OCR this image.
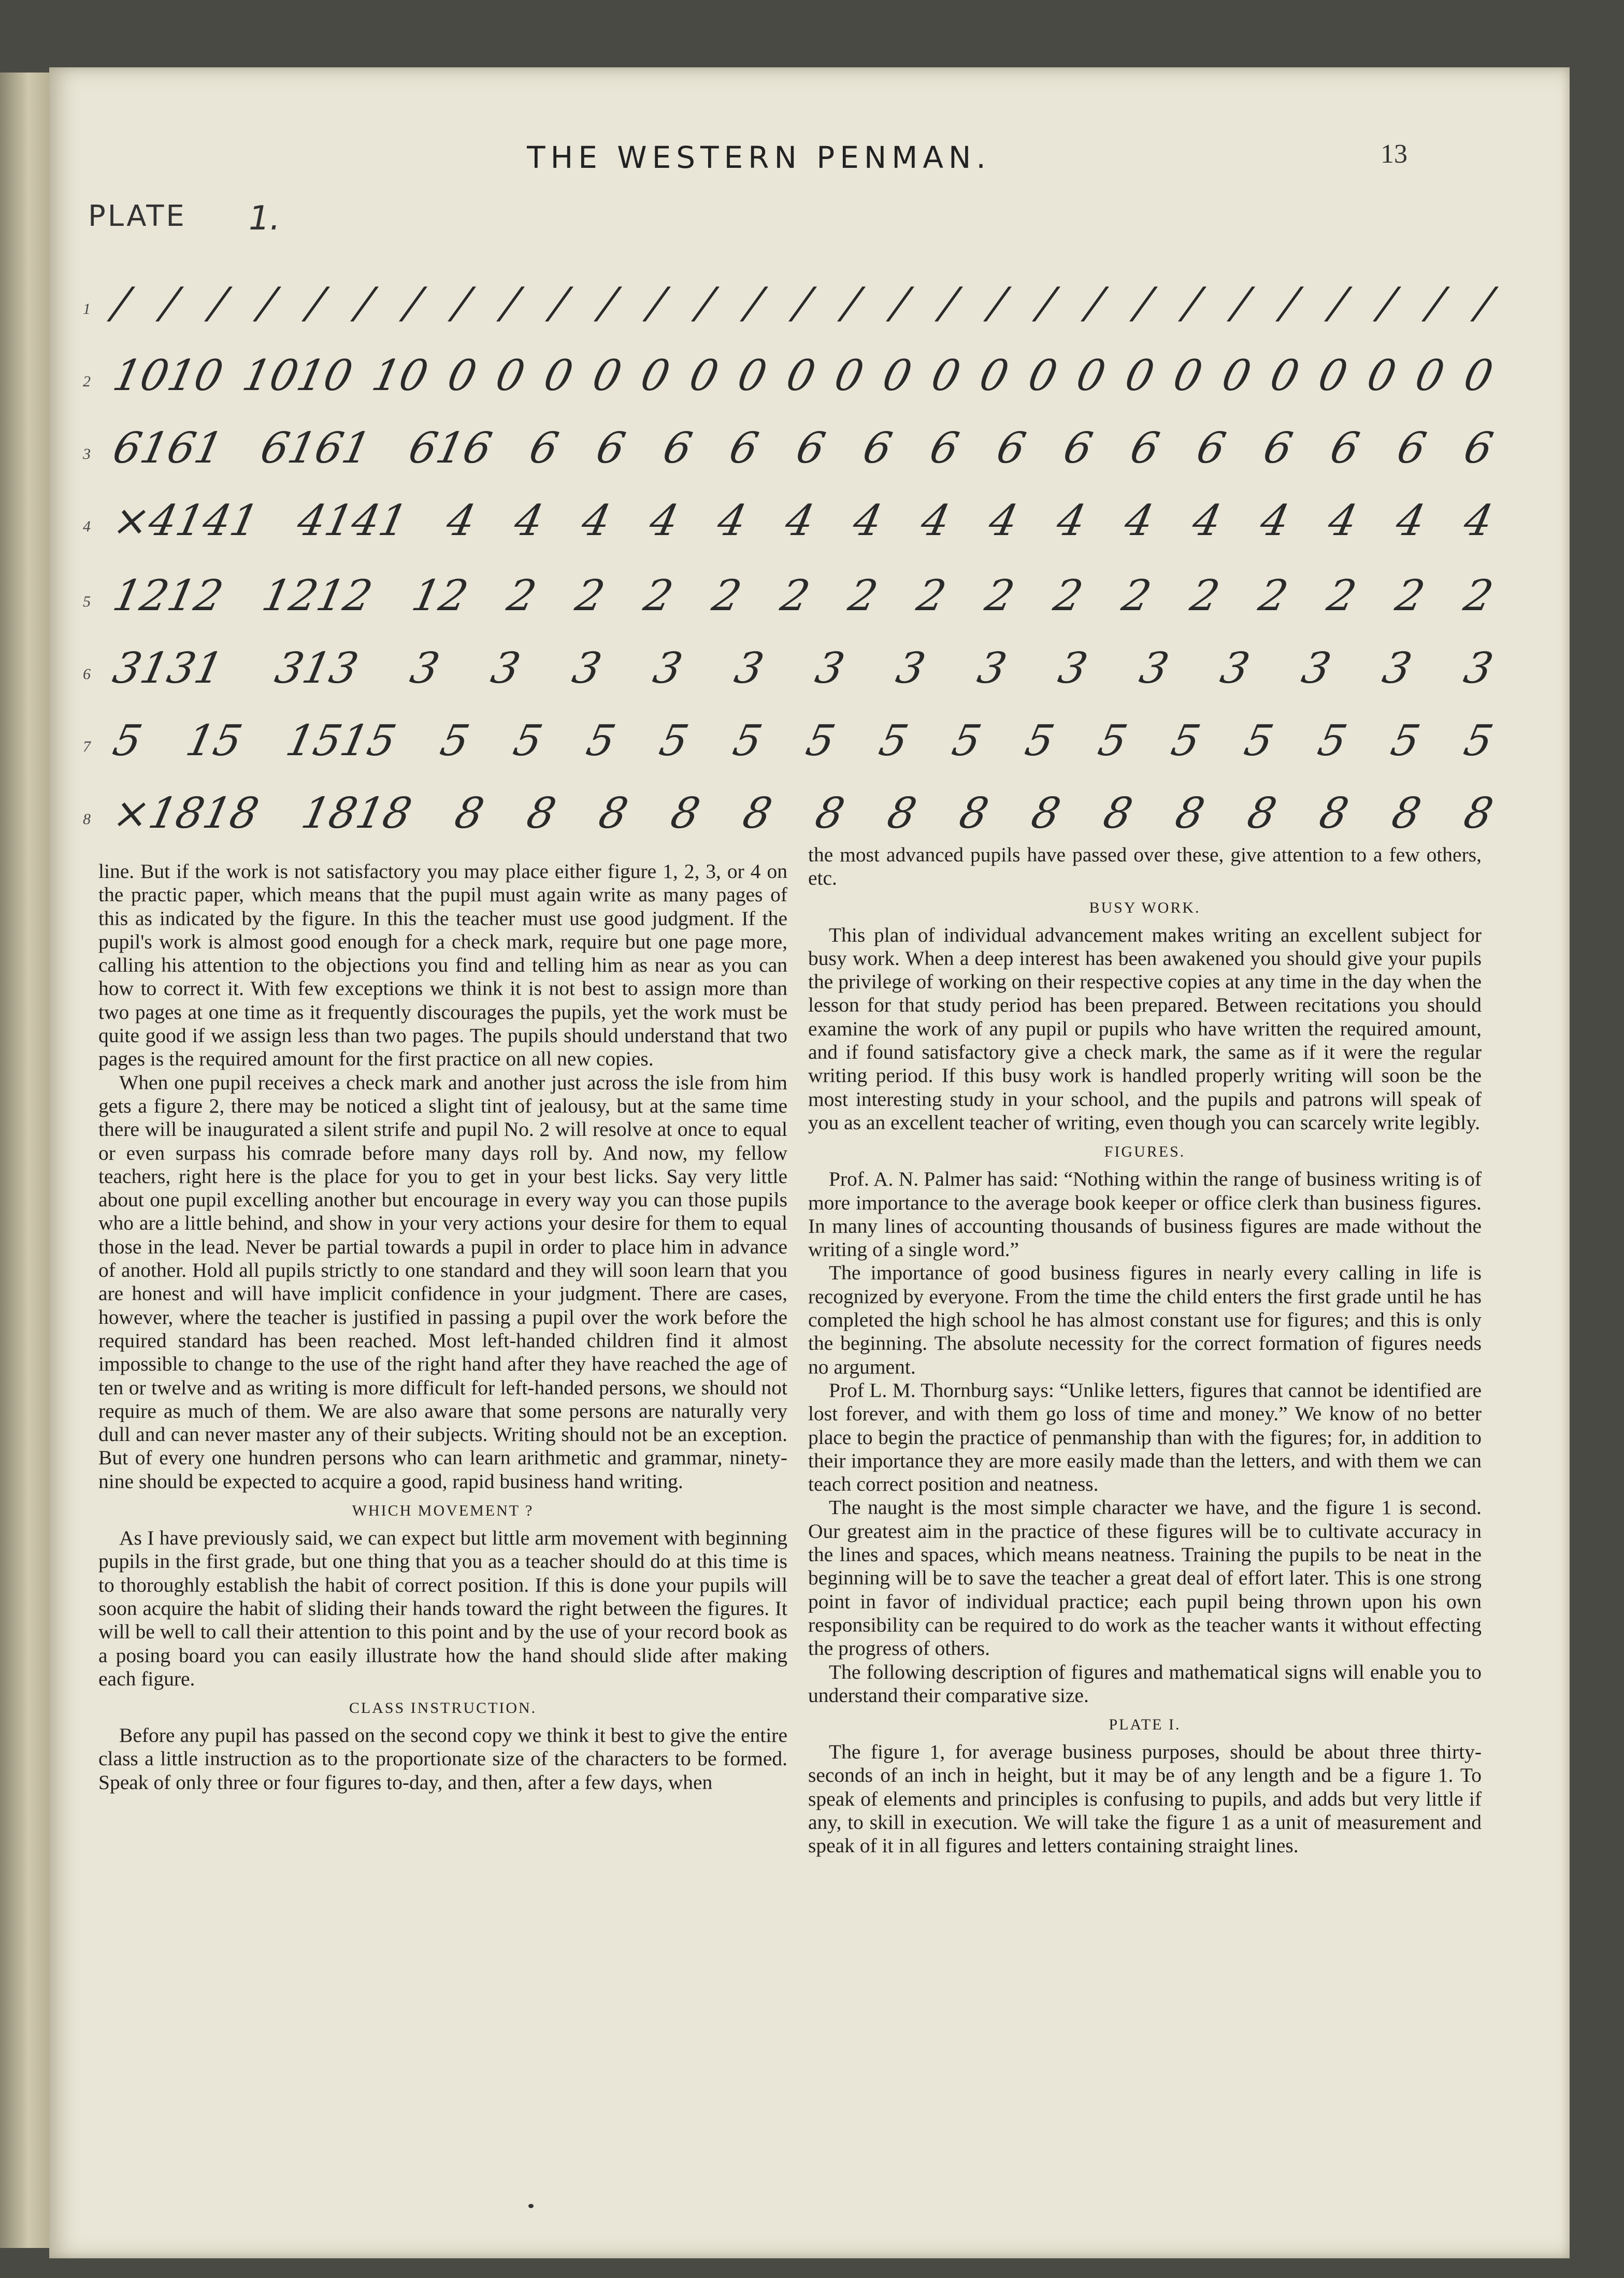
THE WESTERN PENMAN.	13
PLATE 1.
1 / / / / / / / / / / / / / / / / / / / / / / / / / / / / /
2 1010 1010 10 0 0 0 0 0 0 0 0 0 0 0 0 0 0 0 0 0 0 0 0 0 0
3 6161 6161 616 6 6 6 6 6 6 6 6 6 6 6 6 6 6 6
4 ×4141 4141 4 4 4 4 4 4 4 4 4 4 4 4 4 4 4 4
5 1212 1212 12 2 2 2 2 2 2 2 2 2 2 2 2 2 2 2
6 3131 313 3 3 3 3 3 3 3 3 3 3 3 3 3 3
7 5 15 1515 5 5 5 5 5 5 5 5 5 5 5 5 5 5 5
8 ×1818 1818 8 8 8 8 8 8 8 8 8 8 8 8 8 8 8

line. But if the work is not satisfactory you may place either figure 1, 2, 3, or 4 on the practic paper, which means that the pupil must again write as many pages of this as indicated by the figure. In this the teacher must use good judgment. If the pupil's work is almost good enough for a check mark, require but one page more, calling his attention to the objections you find and telling him as near as you can how to correct it. With few exceptions we think it is not best to assign more than two pages at one time as it frequently discourages the pupils, yet the work must be quite good if we assign less than two pages. The pupils should understand that two pages is the required amount for the first practice on all new copies.

When one pupil receives a check mark and another just across the isle from him gets a figure 2, there may be noticed a slight tint of jealousy, but at the same time there will be inaugurated a silent strife and pupil No. 2 will resolve at once to equal or even surpass his comrade before many days roll by. And now, my fellow teachers, right here is the place for you to get in your best licks. Say very little about one pupil excelling another but encourage in every way you can those pupils who are a little behind, and show in your very actions your desire for them to equal those in the lead. Never be partial towards a pupil in order to place him in advance of another. Hold all pupils strictly to one standard and they will soon learn that you are honest and will have implicit confidence in your judgment. There are cases, however, where the teacher is justified in passing a pupil over the work before the required standard has been reached. Most left-handed children find it almost impossible to change to the use of the right hand after they have reached the age of ten or twelve and as writing is more difficult for left-handed persons, we should not require as much of them. We are also aware that some persons are naturally very dull and can never master any of their subjects. Writing should not be an exception. But of every one hundren persons who can learn arithmetic and grammar, ninety-nine should be expected to acquire a good, rapid business hand writing.

WHICH MOVEMENT ?

As I have previously said, we can expect but little arm movement with beginning pupils in the first grade, but one thing that you as a teacher should do at this time is to thoroughly establish the habit of correct position. If this is done your pupils will soon acquire the habit of sliding their hands toward the right between the figures. It will be well to call their attention to this point and by the use of your record book as a posing board you can easily illustrate how the hand should slide after making each figure.

CLASS INSTRUCTION.

Before any pupil has passed on the second copy we think it best to give the entire class a little instruction as to the proportionate size of the characters to be formed. Speak of only three or four figures to-day, and then, after a few days, when

the most advanced pupils have passed over these, give attention to a few others, etc.

BUSY WORK.

This plan of individual advancement makes writing an excellent subject for busy work. When a deep interest has been awakened you should give your pupils the privilege of working on their respective copies at any time in the day when the lesson for that study period has been prepared. Between recitations you should examine the work of any pupil or pupils who have written the required amount, and if found satisfactory give a check mark, the same as if it were the regular writing period. If this busy work is handled properly writing will soon be the most interesting study in your school, and the pupils and patrons will speak of you as an excellent teacher of writing, even though you can scarcely write legibly.

FIGURES.

Prof. A. N. Palmer has said: “Nothing within the range of business writing is of more importance to the average book keeper or office clerk than business figures. In many lines of accounting thousands of business figures are made without the writing of a single word.”

The importance of good business figures in nearly every calling in life is recognized by everyone. From the time the child enters the first grade until he has completed the high school he has almost constant use for figures; and this is only the beginning. The absolute necessity for the correct formation of figures needs no argument.

Prof L. M. Thornburg says: “Unlike letters, figures that cannot be identified are lost forever, and with them go loss of time and money.” We know of no better place to begin the practice of penmanship than with the figures; for, in addition to their importance they are more easily made than the letters, and with them we can teach correct position and neatness.

The naught is the most simple character we have, and the figure 1 is second. Our greatest aim in the practice of these figures will be to cultivate accuracy in the lines and spaces, which means neatness. Training the pupils to be neat in the beginning will be to save the teacher a great deal of effort later. This is one strong point in favor of individual practice; each pupil being thrown upon his own responsibility can be required to do work as the teacher wants it without effecting the progress of others.

The following description of figures and mathematical signs will enable you to understand their comparative size.

PLATE I.

The figure 1, for average business purposes, should be about three thirty-seconds of an inch in height, but it may be of any length and be a figure 1. To speak of elements and principles is confusing to pupils, and adds but very little if any, to skill in execution. We will take the figure 1 as a unit of measurement and speak of it in all figures and letters containing straight lines.
